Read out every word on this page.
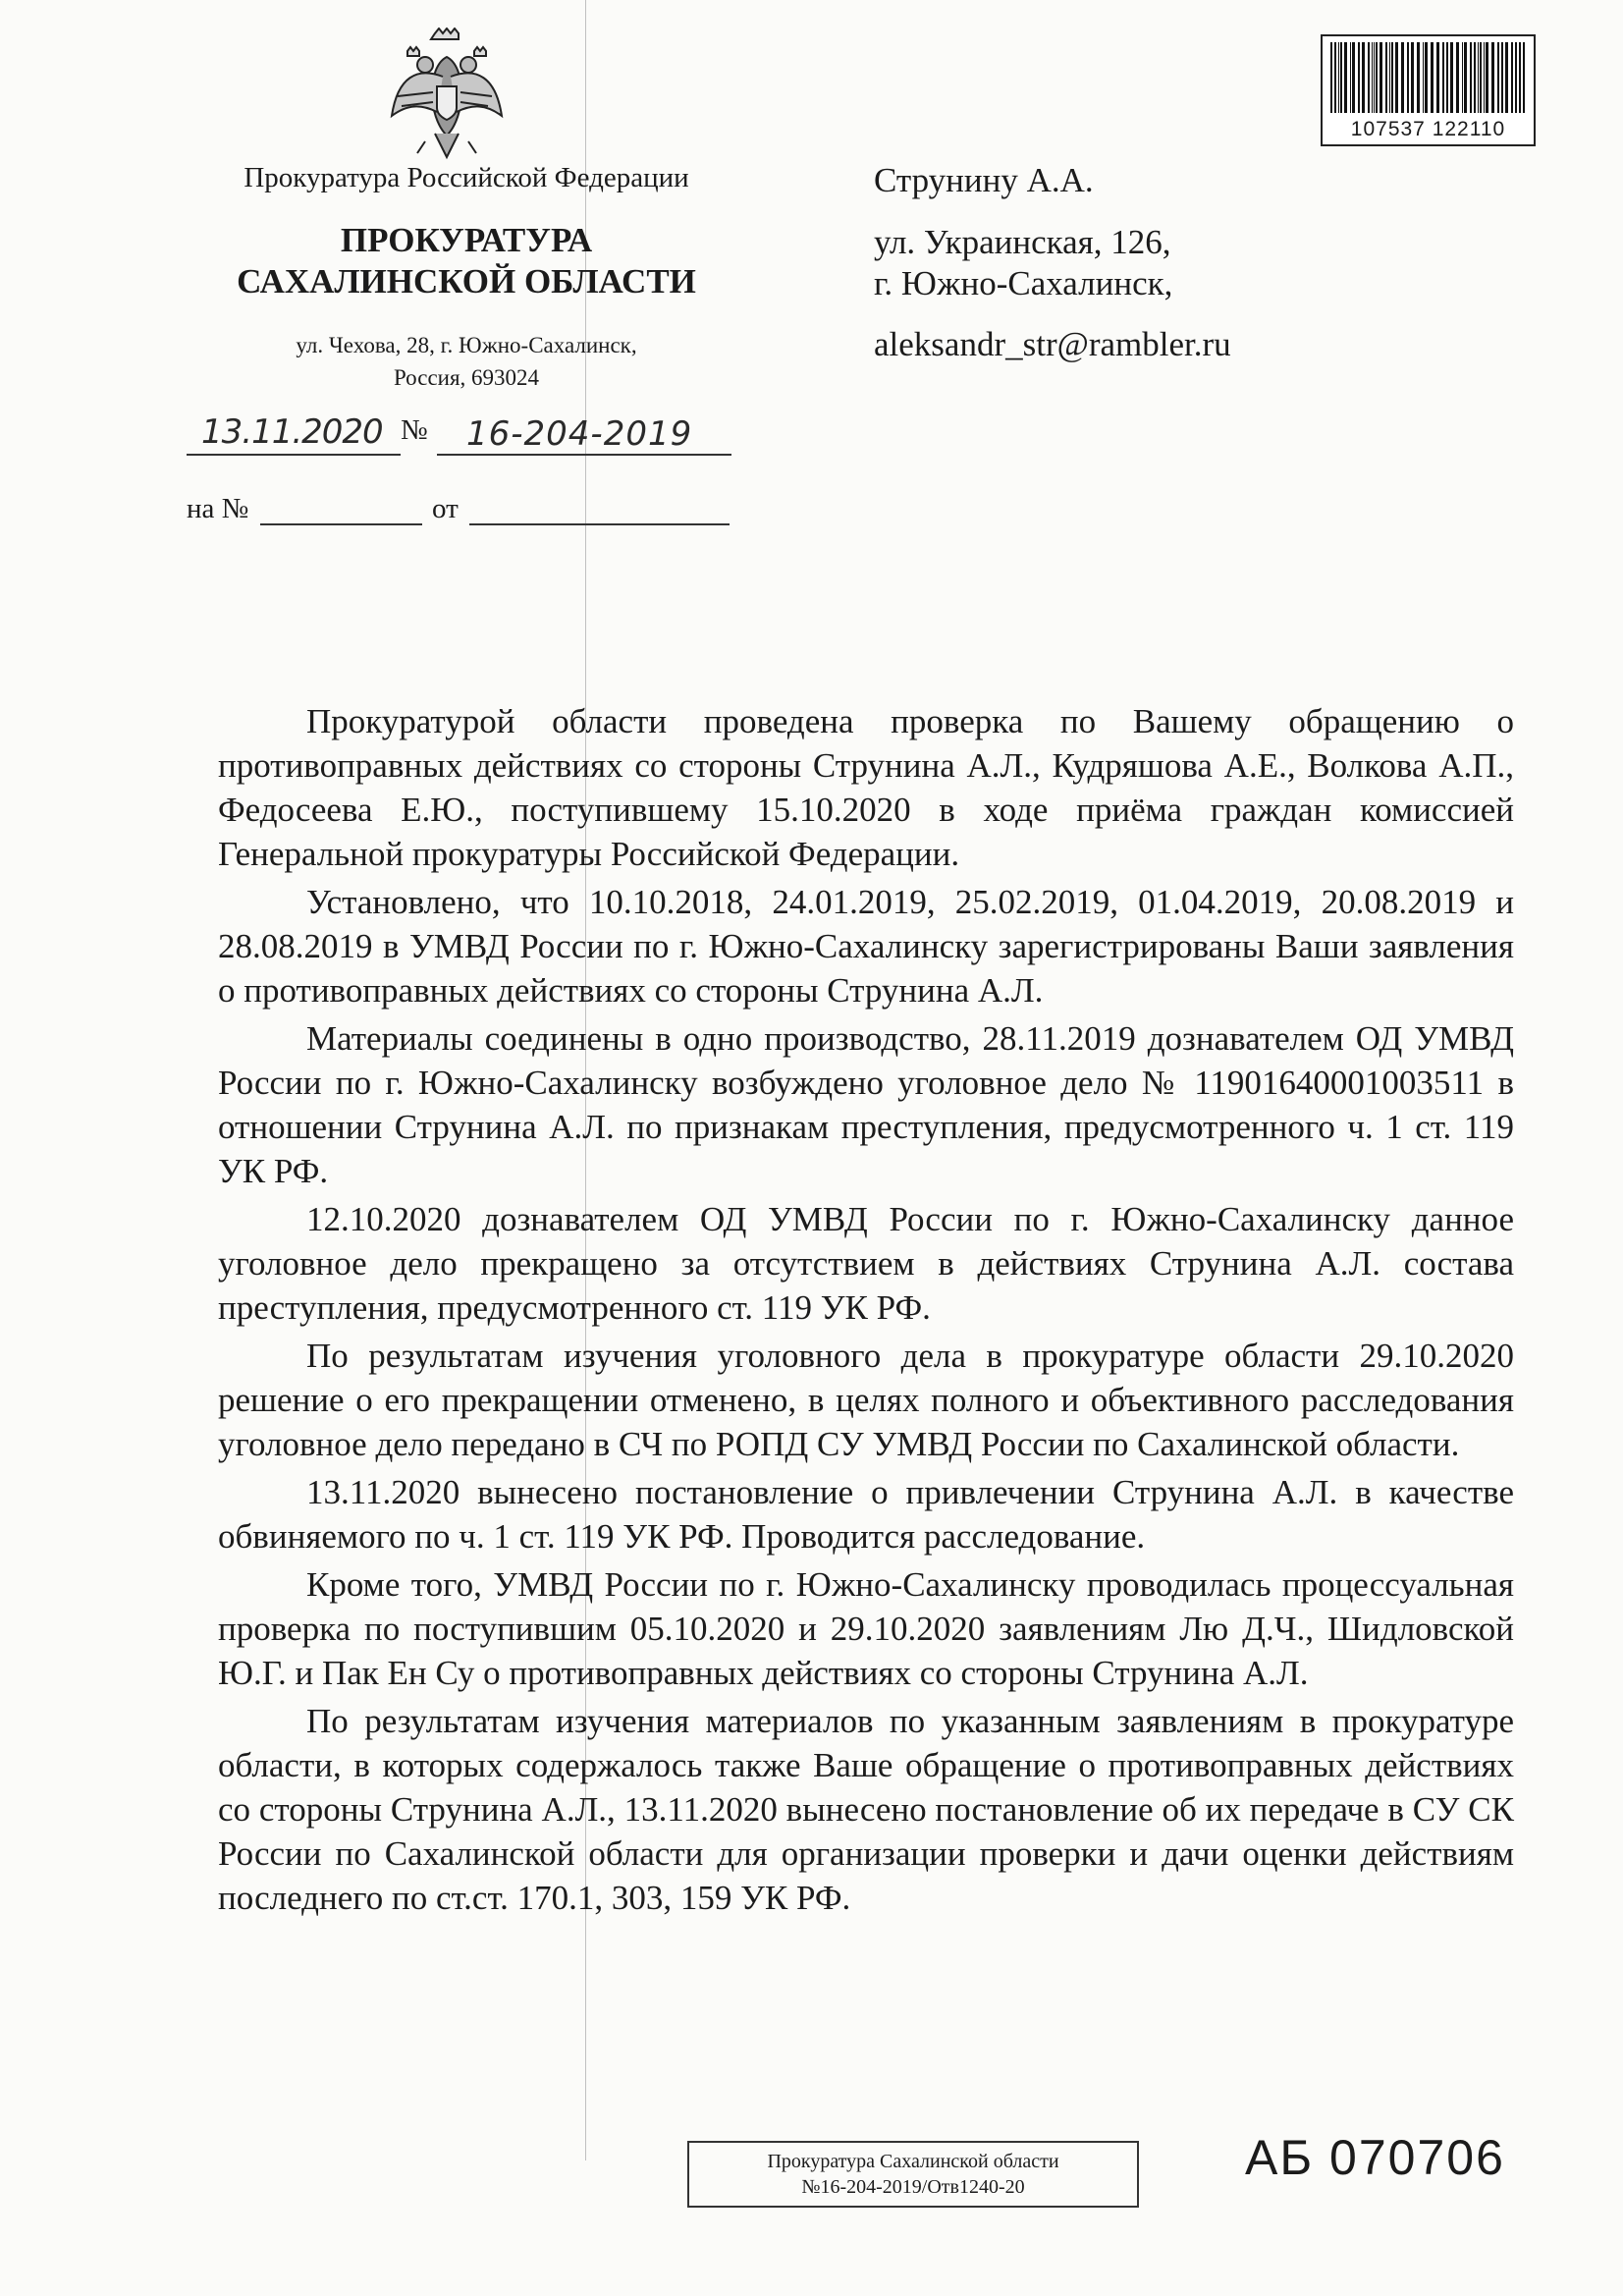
Прокуратура Российской Федерации
ПРОКУРАТУРА
САХАЛИНСКОЙ ОБЛАСТИ
ул. Чехова, 28, г. Южно-Сахалинск,
Россия, 693024
13.11.2020 № 16-204-2019
на №	от
Струнину А.А.
ул. Украинская, 126,
г. Южно-Сахалинск,
aleksandr_str@rambler.ru
107537 122110

Прокуратурой области проведена проверка по Вашему обращению о противоправных действиях со стороны Струнина А.Л., Кудряшова А.Е., Волкова А.П., Федосеева Е.Ю., поступившему 15.10.2020 в ходе приёма граждан комиссией Генеральной прокуратуры Российской Федерации.

Установлено, что 10.10.2018, 24.01.2019, 25.02.2019, 01.04.2019, 20.08.2019 и 28.08.2019 в УМВД России по г. Южно-Сахалинску зарегистрированы Ваши заявления о противоправных действиях со стороны Струнина А.Л.

Материалы соединены в одно производство, 28.11.2019 дознавателем ОД УМВД России по г. Южно-Сахалинску возбуждено уголовное дело № 11901640001003511 в отношении Струнина А.Л. по признакам преступления, предусмотренного ч. 1 ст. 119 УК РФ.

12.10.2020 дознавателем ОД УМВД России по г. Южно-Сахалинску данное уголовное дело прекращено за отсутствием в действиях Струнина А.Л. состава преступления, предусмотренного ст. 119 УК РФ.

По результатам изучения уголовного дела в прокуратуре области 29.10.2020 решение о его прекращении отменено, в целях полного и объективного расследования уголовное дело передано в СЧ по РОПД СУ УМВД России по Сахалинской области.

13.11.2020 вынесено постановление о привлечении Струнина А.Л. в качестве обвиняемого по ч. 1 ст. 119 УК РФ. Проводится расследование.

Кроме того, УМВД России по г. Южно-Сахалинску проводилась процессуальная проверка по поступившим 05.10.2020 и 29.10.2020 заявлениям Лю Д.Ч., Шидловской Ю.Г. и Пак Ен Су о противоправных действиях со стороны Струнина А.Л.

По результатам изучения материалов по указанным заявлениям в прокуратуре области, в которых содержалось также Ваше обращение о противоправных действиях со стороны Струнина А.Л., 13.11.2020 вынесено постановление об их передаче в СУ СК России по Сахалинской области для организации проверки и дачи оценки действиям последнего по ст.ст. 170.1, 303, 159 УК РФ.

Прокуратура Сахалинской области
№16-204-2019/Отв1240-20
АБ 070706
